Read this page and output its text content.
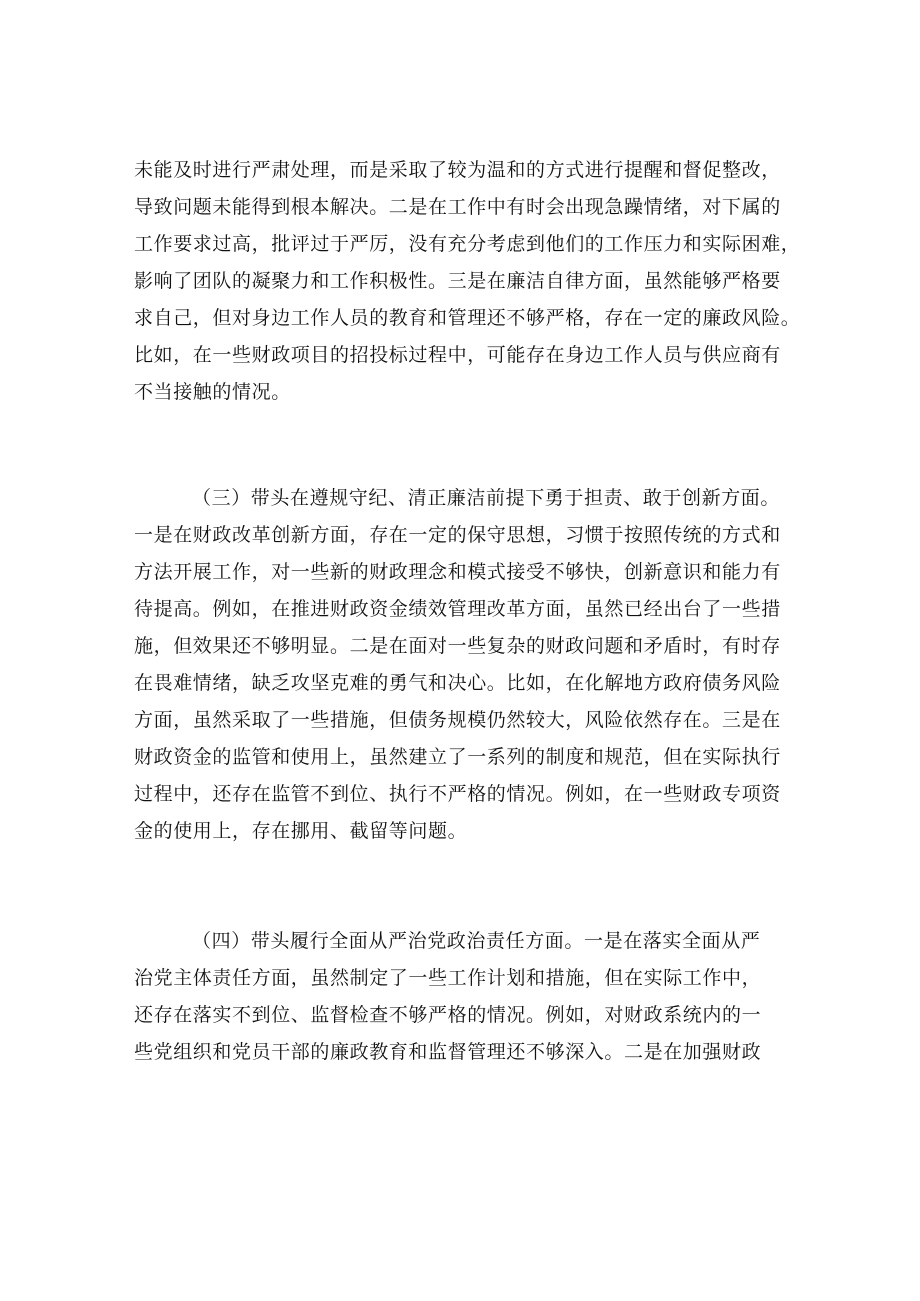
未能及时进行严肃处理，而是采取了较为温和的方式进行提醒和督促整改，
导致问题未能得到根本解决。二是在工作中有时会出现急躁情绪，对下属的
工作要求过高，批评过于严厉，没有充分考虑到他们的工作压力和实际困难，
影响了团队的凝聚力和工作积极性。三是在廉洁自律方面，虽然能够严格要
求自己，但对身边工作人员的教育和管理还不够严格，存在一定的廉政风险。
比如，在一些财政项目的招投标过程中，可能存在身边工作人员与供应商有
不当接触的情况。
（三）带头在遵规守纪、清正廉洁前提下勇于担责、敢于创新方面。
一是在财政改革创新方面，存在一定的保守思想，习惯于按照传统的方式和
方法开展工作，对一些新的财政理念和模式接受不够快，创新意识和能力有
待提高。例如，在推进财政资金绩效管理改革方面，虽然已经出台了一些措
施，但效果还不够明显。二是在面对一些复杂的财政问题和矛盾时，有时存
在畏难情绪，缺乏攻坚克难的勇气和决心。比如，在化解地方政府债务风险
方面，虽然采取了一些措施，但债务规模仍然较大，风险依然存在。三是在
财政资金的监管和使用上，虽然建立了一系列的制度和规范，但在实际执行
过程中，还存在监管不到位、执行不严格的情况。例如，在一些财政专项资
金的使用上，存在挪用、截留等问题。
（四）带头履行全面从严治党政治责任方面。一是在落实全面从严
治党主体责任方面，虽然制定了一些工作计划和措施，但在实际工作中，
还存在落实不到位、监督检查不够严格的情况。例如，对财政系统内的一
些党组织和党员干部的廉政教育和监督管理还不够深入。二是在加强财政
